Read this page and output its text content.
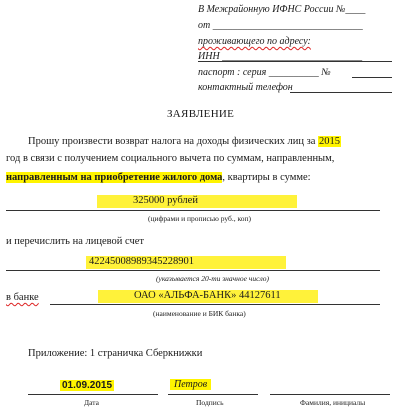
В Межрайонную ИФНС России №____
от ______________________________
проживающего по адресу:
ИНН ____________________________
паспорт : серия __________ №
контактный телефон
ЗАЯВЛЕНИЕ
Прошу произвести возврат налога на доходы физических лиц за 2015
год в связи с получением социального вычета по суммам, направленным,
направленным на приобретение жилого дома, квартиры в сумме:
325000 рублей
(цифрами и прописью руб., коп)
и перечислить на лицевой счет
42245008989345228901
(указывается 20-ти значное число)
в банке	ОАО «АЛЬФА-БАНК» 44127611
(наименование и БИК банка)
Приложение: 1 страничка Сберкнижки
01.09.2015	Петров
Дата	Подпись	Фамилия, инициалы
